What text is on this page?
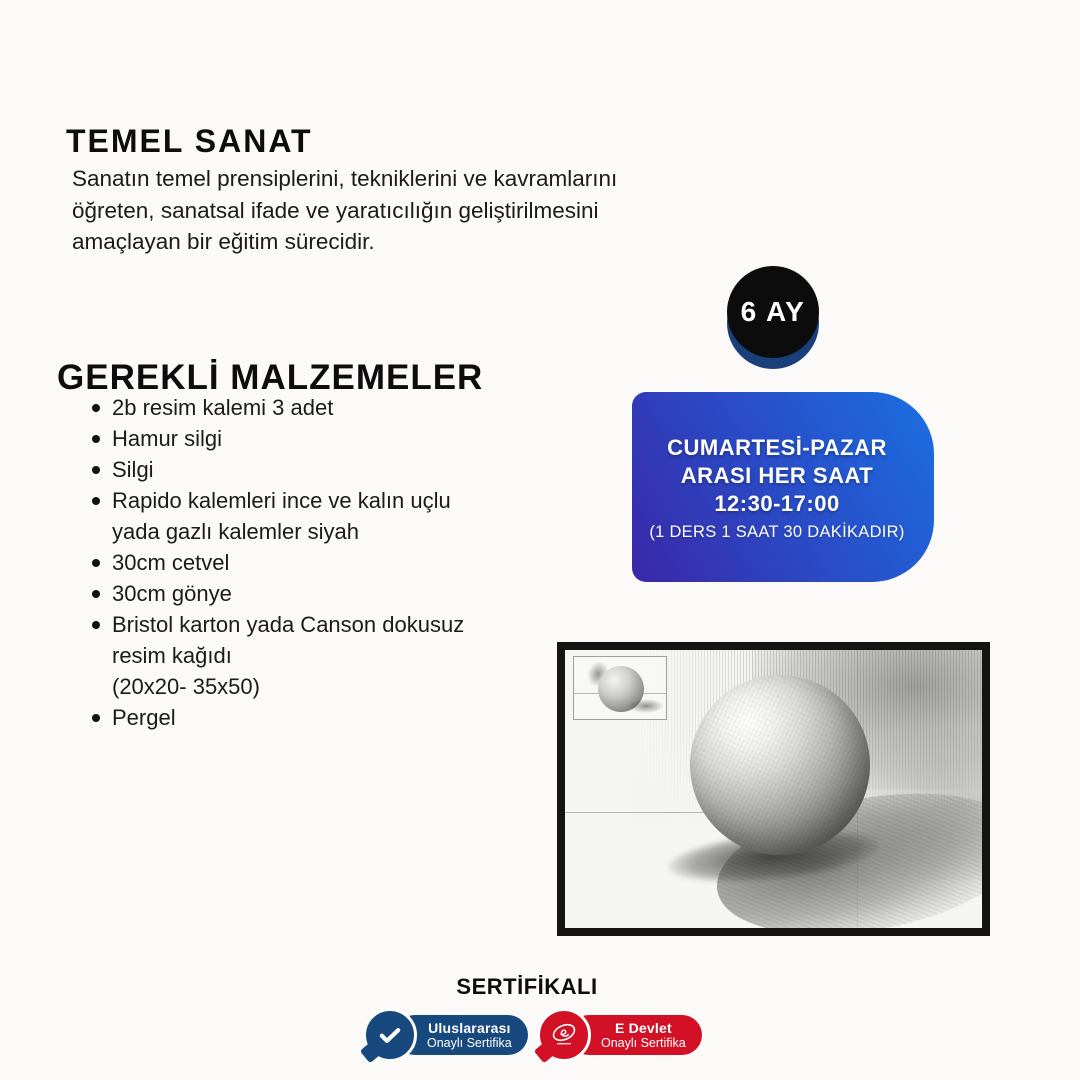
TEMEL SANAT

Sanatın temel prensiplerini, tekniklerini ve kavramlarını öğreten, sanatsal ifade ve yaratıcılığın geliştirilmesini amaçlayan bir eğitim sürecidir.

GEREKLİ MALZEMELER
2b resim kalemi 3 adet
Hamur silgi
Silgi
Rapido kalemleri ince ve kalın uçlu yada gazlı kalemler siyah
30cm cetvel
30cm gönye
Bristol karton yada Canson dokusuz resim kağıdı
(20x20- 35x50)
Pergel
6 AY
CUMARTESİ-PAZAR
ARASI HER SAAT
12:30-17:00
(1 DERS 1 SAAT 30 DAKİKADIR)
SERTİFİKALI
Uluslararası
Onaylı Sertifika
E Devlet
Onaylı Sertifika
